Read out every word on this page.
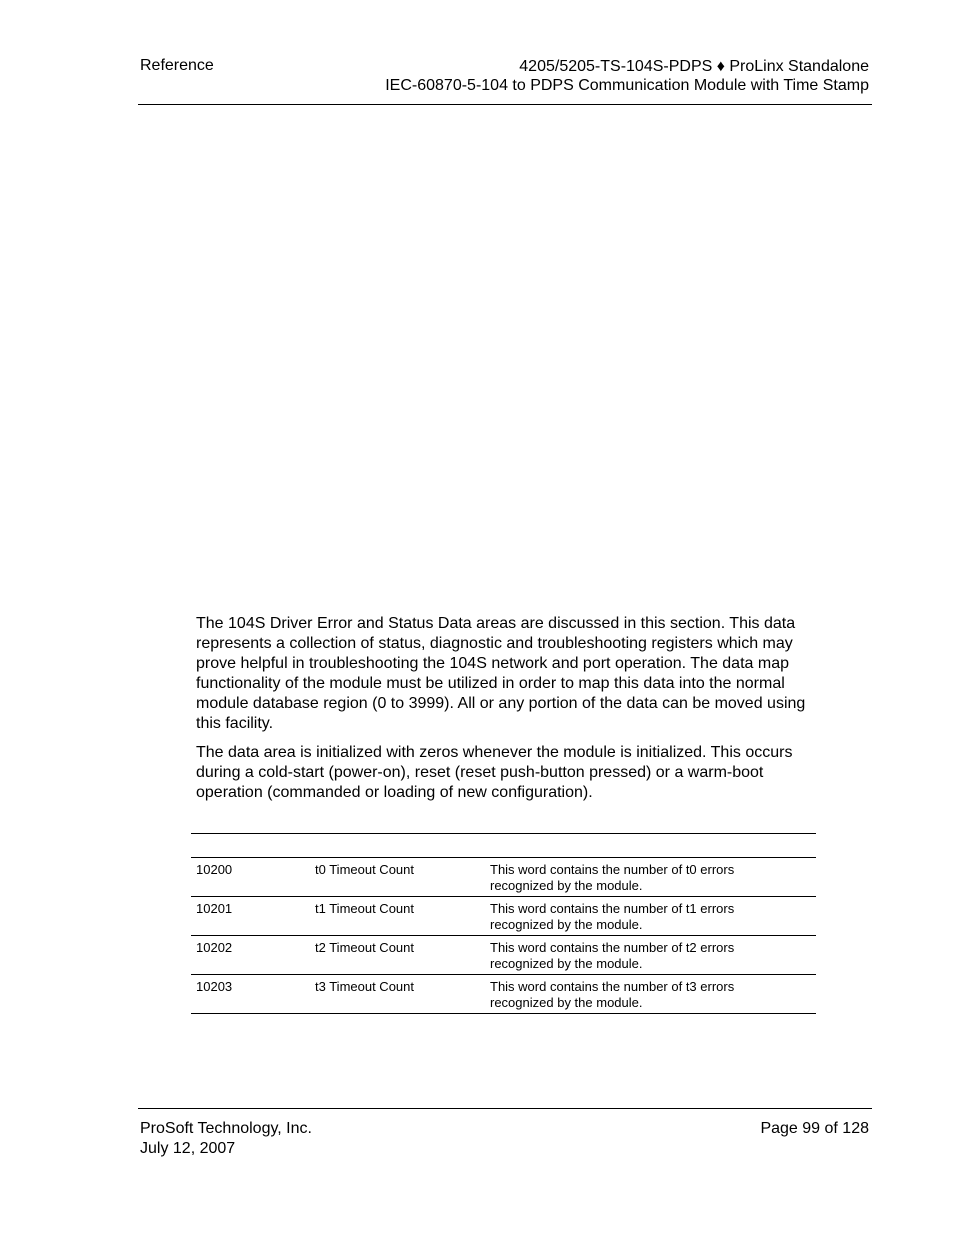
Reference	4205/5205-TS-104S-PDPS ♦ ProLinx Standalone
IEC-60870-5-104 to PDPS Communication Module with Time Stamp

The 104S Driver Error and Status Data areas are discussed in this section. This data represents a collection of status, diagnostic and troubleshooting registers which may prove helpful in troubleshooting the 104S network and port operation. The data map functionality of the module must be utilized in order to map this data into the normal module database region (0 to 3999). All or any portion of the data can be moved using this facility.

The data area is initialized with zeros whenever the module is initialized. This occurs during a cold-start (power-on), reset (reset push-button pressed) or a warm-boot operation (commanded or loading of new configuration).

10200	t0 Timeout Count	This word contains the number of t0 errors
recognized by the module.
10201	t1 Timeout Count	This word contains the number of t1 errors
recognized by the module.
10202	t2 Timeout Count	This word contains the number of t2 errors
recognized by the module.
10203	t3 Timeout Count	This word contains the number of t3 errors
recognized by the module.
ProSoft Technology, Inc.
July 12, 2007
Page 99 of 128
